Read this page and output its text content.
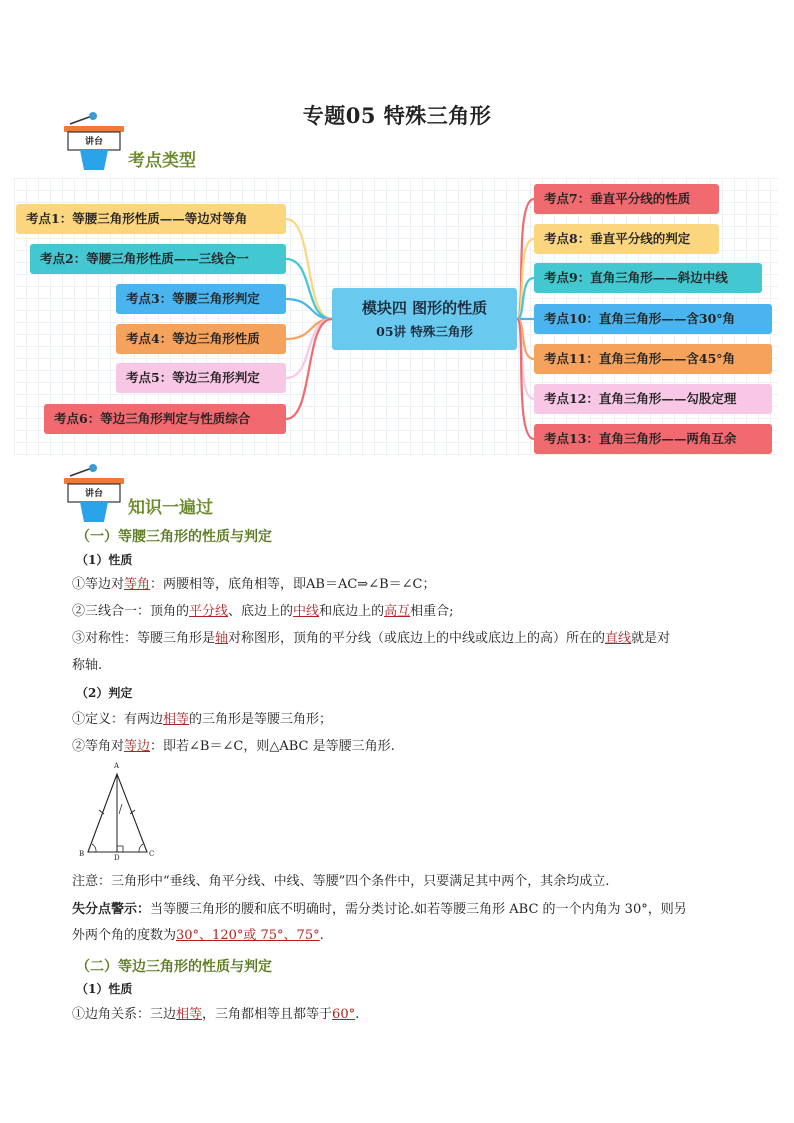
专题05 特殊三角形
讲台
考点类型
模块四 图形的性质
05讲 特殊三角形
考点1：等腰三角形性质——等边对等角
考点2：等腰三角形性质——三线合一
考点3：等腰三角形判定
考点4：等边三角形性质
考点5：等边三角形判定
考点6：等边三角形判定与性质综合
考点7：垂直平分线的性质
考点8：垂直平分线的判定
考点9：直角三角形——斜边中线
考点10：直角三角形——含30°角
考点11：直角三角形——含45°角
考点12：直角三角形——勾股定理
考点13：直角三角形——两角互余
讲台
知识一遍过
（一）等腰三角形的性质与判定
（1）性质
①等边对等角：两腰相等，底角相等，即AB＝AC⇒∠B＝∠C；
②三线合一：顶角的平分线、底边上的中线和底边上的高互相重合;
③对称性：等腰三角形是轴对称图形，顶角的平分线（或底边上的中线或底边上的高）所在的直线就是对
称轴.
（2）判定
①定义：有两边相等的三角形是等腰三角形；
②等角对等边：即若∠B＝∠C，则△ABC 是等腰三角形.
A
B	C
D
注意：三角形中“垂线、角平分线、中线、等腰”四个条件中，只要满足其中两个，其余均成立.
失分点警示：当等腰三角形的腰和底不明确时，需分类讨论.如若等腰三角形 ABC 的一个内角为 30°，则另
外两个角的度数为30°、120°或 75°、75°.
（二）等边三角形的性质与判定
（1）性质
①边角关系：三边相等，三角都相等且都等于60°.
